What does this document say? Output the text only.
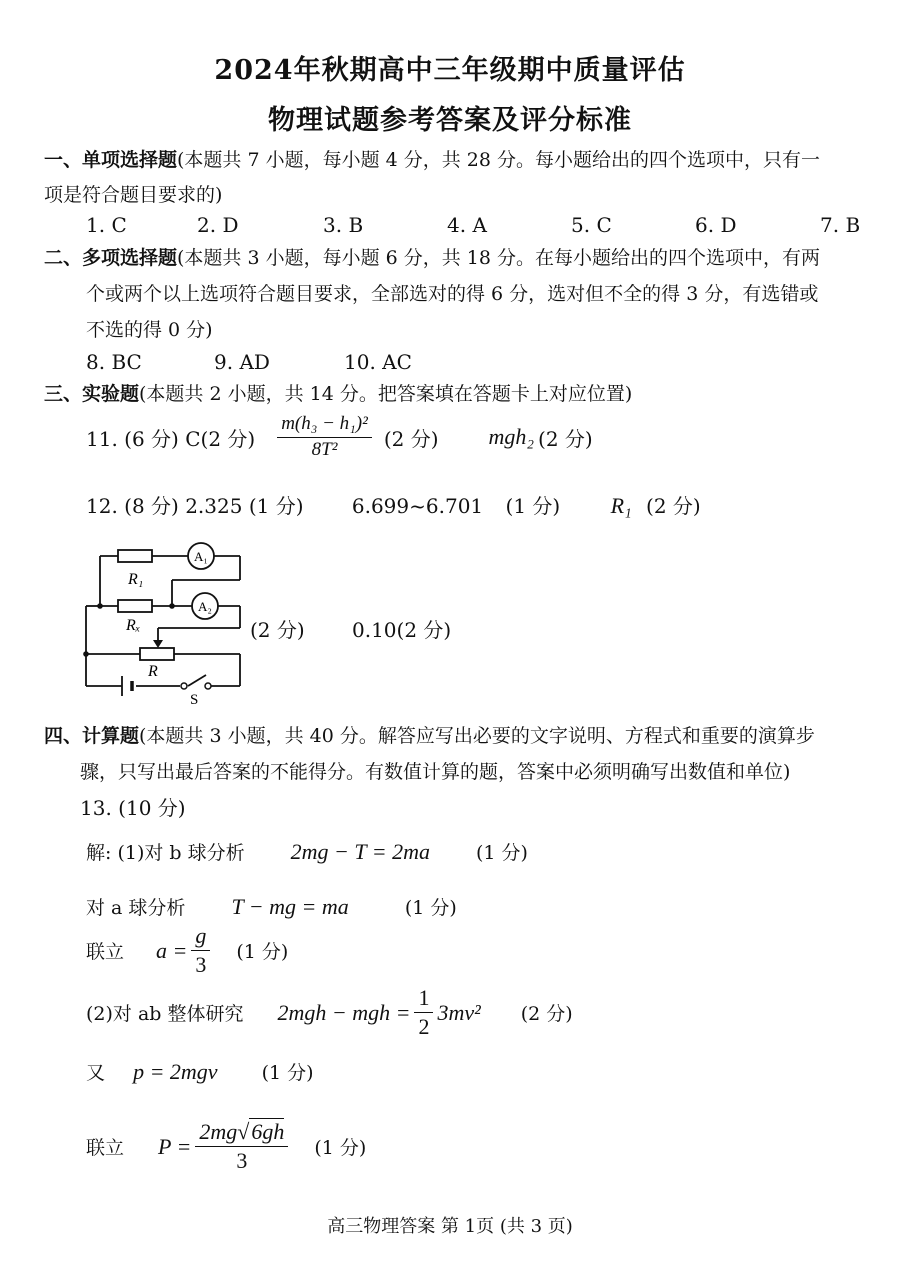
2024年秋期高中三年级期中质量评估
物理试题参考答案及评分标准
一、单项选择题(本题共 7 小题，每小题 4 分，共 28 分。每小题给出的四个选项中，只有一
项是符合题目要求的)
1. C	2. D	3. B	4. A	5. C	6. D	7. B
二、多项选择题(本题共 3 小题，每小题 6 分，共 18 分。在每小题给出的四个选项中，有两
个或两个以上选项符合题目要求，全部选对的得 6 分，选对但不全的得 3 分，有选错或
不选的得 0 分)
8. BC	9. AD	10. AC
三、实验题(本题共 2 小题，共 14 分。把答案填在答题卡上对应位置)
11. (6 分) C(2 分) $\frac{\text{m(h₃ − h₁)²}}{\text{8T²}} (2$ 分) mgh₂ (2 分)
12. (8 分) 2.325 (1 分) 6.699~6.701 (1 分) R₁ (2 分)
A₁
A₂
R₁
Rₓ
R
S
(2 分) 0.10(2 分)
四、计算题(本题共 3 小题，共 40 分。解答应写出必要的文字说明、方程式和重要的演算步
骤，只写出最后答案的不能得分。有数值计算的题，答案中必须明确写出数值和单位)
13. (10 分)
解: (1)对 b 球分析 2mg − T = 2ma (1 分)
对 a 球分析 T − mg = ma	(1 分)
联立 $a = \frac{g}{3} (1$ 分)
(2)对 ab 整体研究 2mgh − mgh = $\frac{1}{2} 3mv^2$ (2 分)
又 p = 2mgv (1 分)
联立 $P = \frac{2mg√6gh}{3} (1$ 分)
高三物理答案 第 1页 (共 3 页)
